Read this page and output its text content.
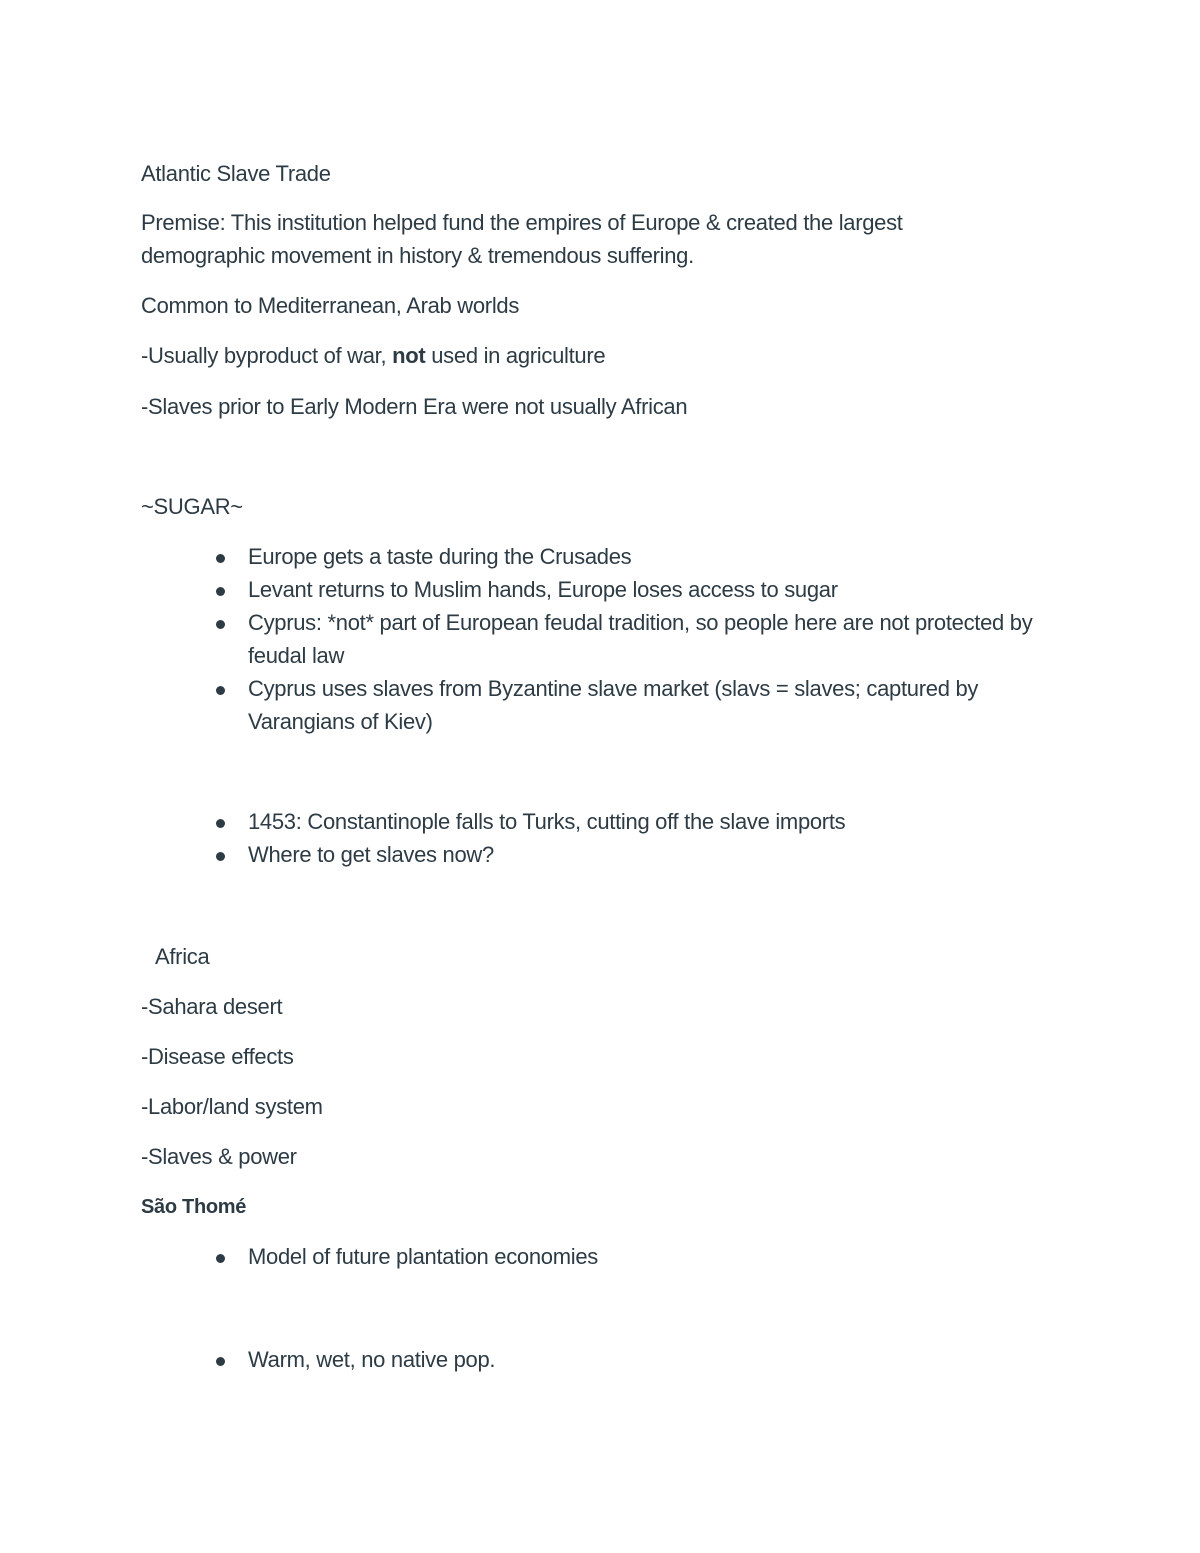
Atlantic Slave Trade
Premise: This institution helped fund the empires of Europe & created the largest demographic movement in history & tremendous suffering.
Common to Mediterranean, Arab worlds
-Usually byproduct of war, not used in agriculture
-Slaves prior to Early Modern Era were not usually African
~SUGAR~
Europe gets a taste during the Crusades
Levant returns to Muslim hands, Europe loses access to sugar
Cyprus: *not* part of European feudal tradition, so people here are not protected by feudal law
Cyprus uses slaves from Byzantine slave market (slavs = slaves; captured by Varangians of Kiev)
1453: Constantinople falls to Turks, cutting off the slave imports
Where to get slaves now?
Africa
-Sahara desert
-Disease effects
-Labor/land system
-Slaves & power
São Thomé
Model of future plantation economies
Warm, wet, no native pop.
